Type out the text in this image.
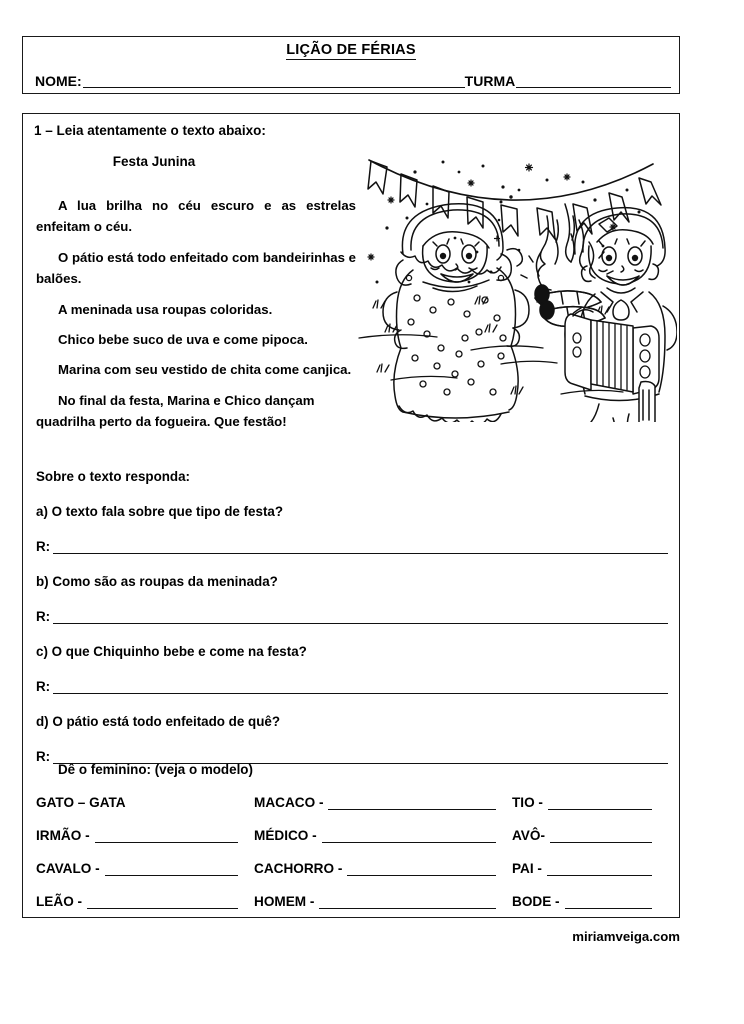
LIÇÃO DE FÉRIAS
NOME:	TURMA
1 – Leia atentamente o texto abaixo:
Festa Junina

A lua brilha no céu escuro e as estrelas enfeitam o céu.

O pátio está todo enfeitado com bandeirinhas e balões.

A meninada usa roupas coloridas.

Chico bebe suco de uva e come pipoca.

Marina com seu vestido de chita come canjica.

No final da festa, Marina e Chico dançam quadrilha perto da fogueira. Que festão!

Sobre o texto responda:
a) O texto fala sobre que tipo de festa?
R:
b) Como são as roupas da meninada?
R:
c) O que Chiquinho bebe e come na festa?
R:
d) O pátio está todo enfeitado de quê?
R:
Dê o feminino: (veja o modelo)
GATO – GATA	MACACO -	TIO -
IRMÃO -	MÉDICO -	AVÔ-
CAVALO -	CACHORRO -	PAI -
LEÃO -	HOMEM -	BODE -
miriamveiga.com
